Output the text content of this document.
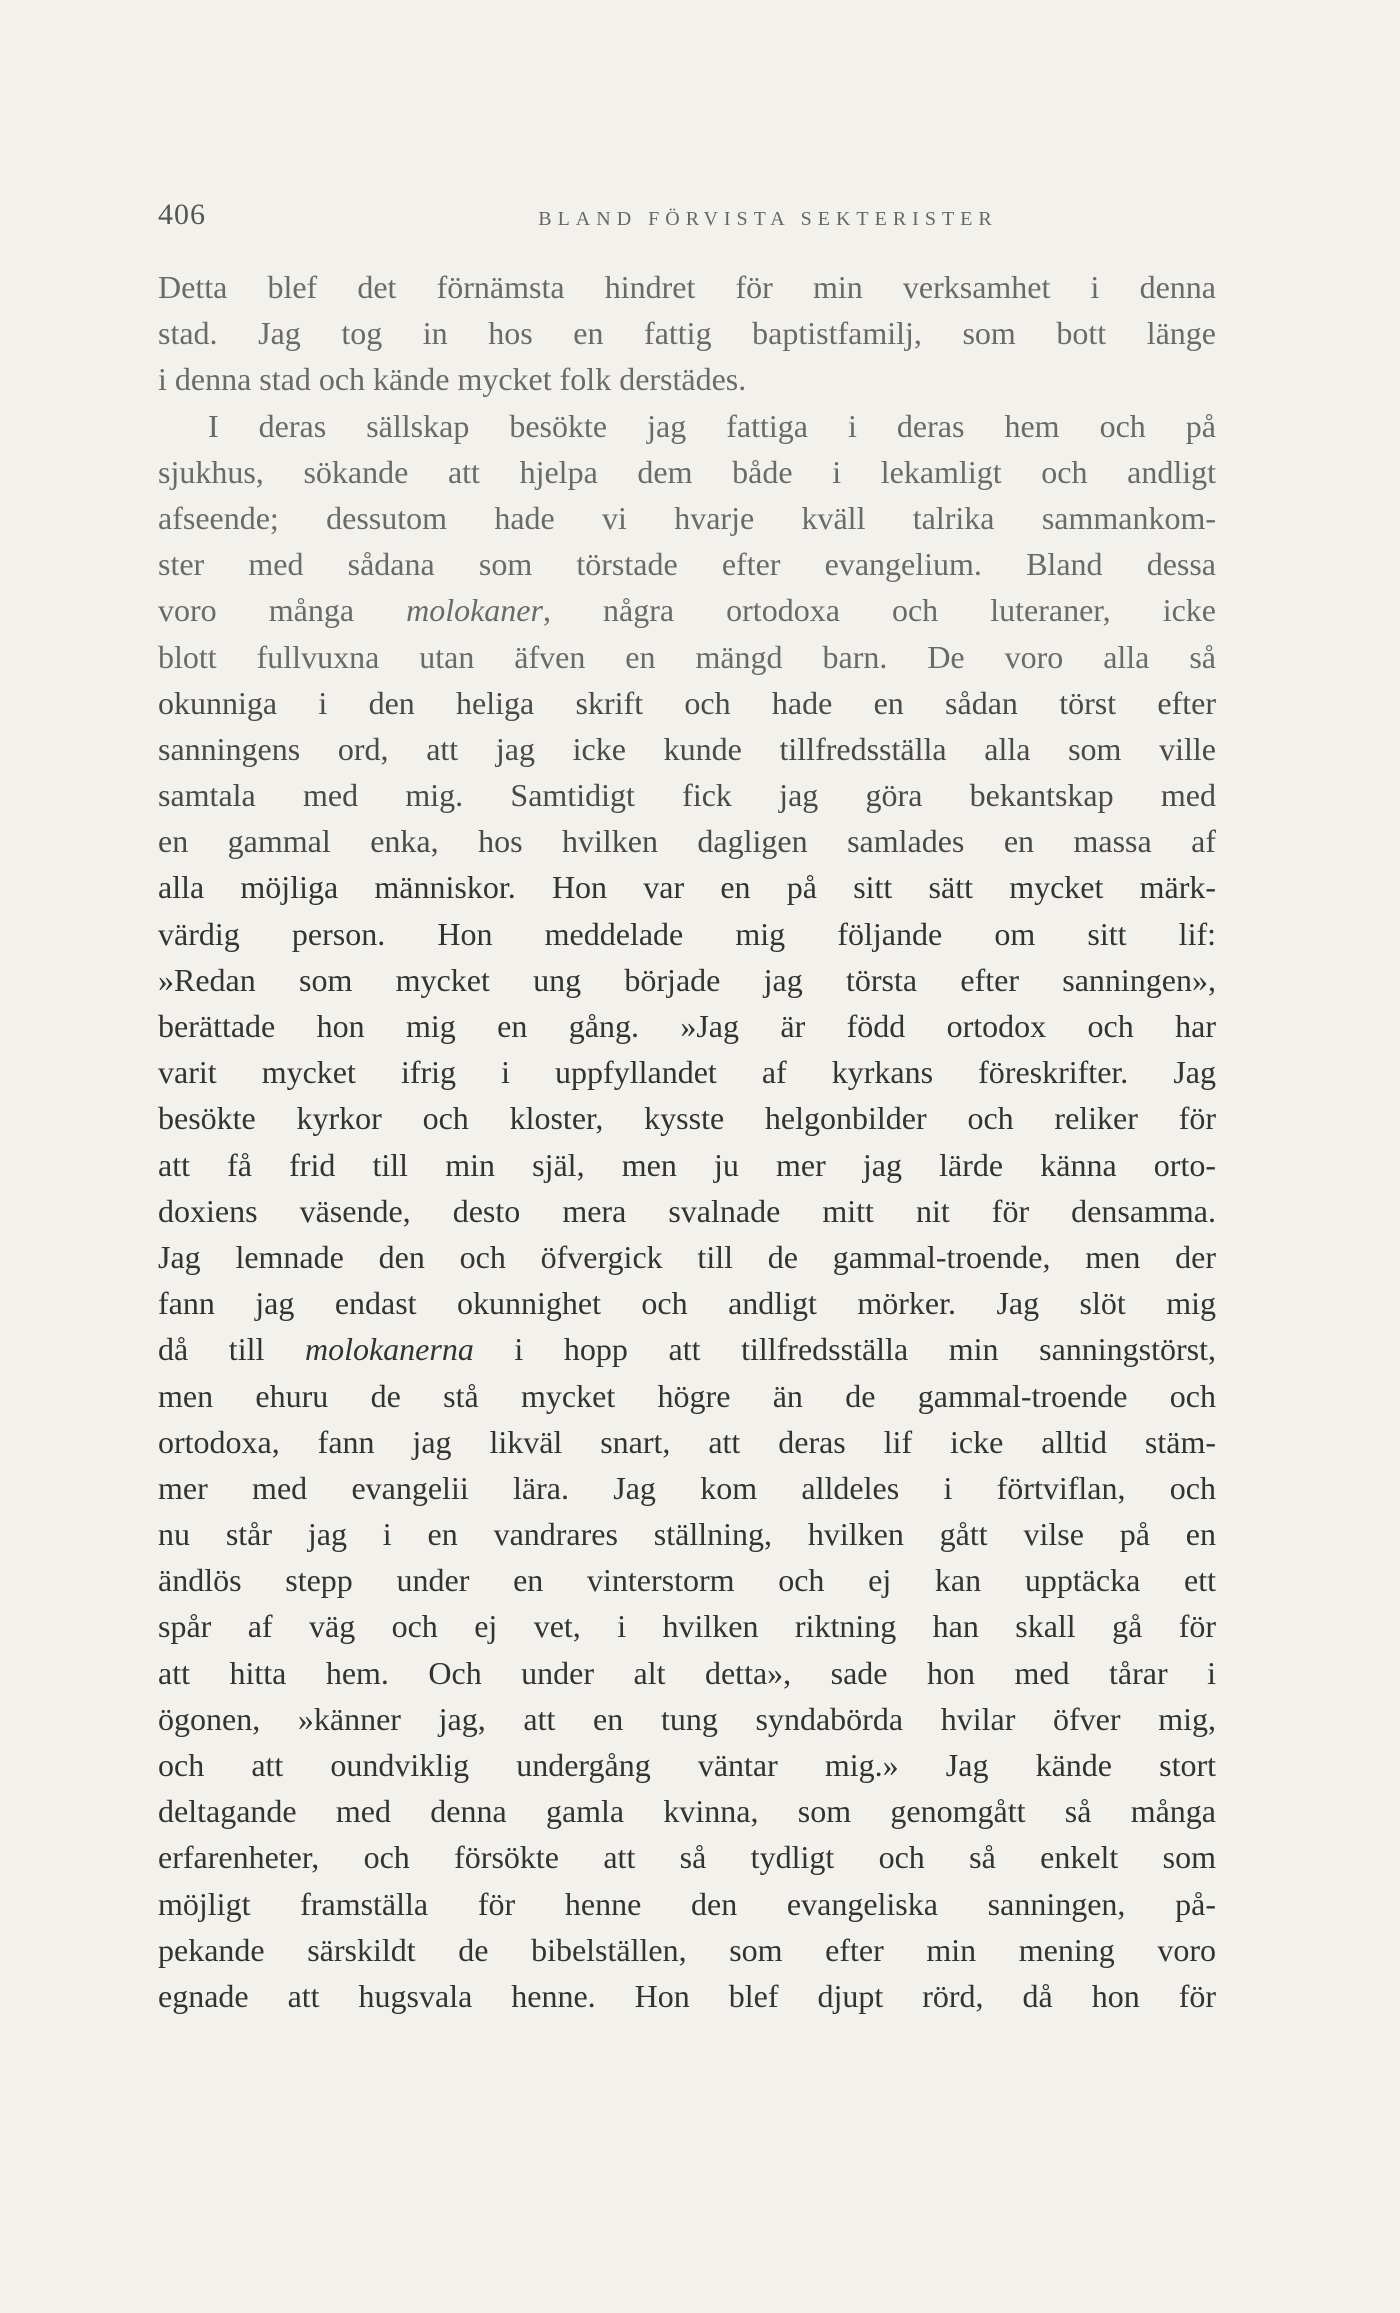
406	BLAND FÖRVISTA SEKTERISTER
Detta blef det förnämsta hindret för min verksamhet i denna
stad. Jag tog in hos en fattig baptistfamilj, som bott länge
i denna stad och kände mycket folk derstädes.
I deras sällskap besökte jag fattiga i deras hem och på
sjukhus, sökande att hjelpa dem både i lekamligt och andligt
afseende; dessutom hade vi hvarje kväll talrika sammankom-
ster med sådana som törstade efter evangelium. Bland dessa
voro många molokaner, några ortodoxa och luteraner, icke
blott fullvuxna utan äfven en mängd barn. De voro alla så
okunniga i den heliga skrift och hade en sådan törst efter
sanningens ord, att jag icke kunde tillfredsställa alla som ville
samtala med mig. Samtidigt fick jag göra bekantskap med
en gammal enka, hos hvilken dagligen samlades en massa af
alla möjliga människor. Hon var en på sitt sätt mycket märk-
värdig person. Hon meddelade mig följande om sitt lif:
»Redan som mycket ung började jag törsta efter sanningen»,
berättade hon mig en gång. »Jag är född ortodox och har
varit mycket ifrig i uppfyllandet af kyrkans föreskrifter. Jag
besökte kyrkor och kloster, kysste helgonbilder och reliker för
att få frid till min själ, men ju mer jag lärde känna orto-
doxiens väsende, desto mera svalnade mitt nit för densamma.
Jag lemnade den och öfvergick till de gammal-troende, men der
fann jag endast okunnighet och andligt mörker. Jag slöt mig
då till molokanerna i hopp att tillfredsställa min sanningstörst,
men ehuru de stå mycket högre än de gammal-troende och
ortodoxa, fann jag likväl snart, att deras lif icke alltid stäm-
mer med evangelii lära. Jag kom alldeles i förtviflan, och
nu står jag i en vandrares ställning, hvilken gått vilse på en
ändlös stepp under en vinterstorm och ej kan upptäcka ett
spår af väg och ej vet, i hvilken riktning han skall gå för
att hitta hem. Och under alt detta», sade hon med tårar i
ögonen, »känner jag, att en tung syndabörda hvilar öfver mig,
och att oundviklig undergång väntar mig.» Jag kände stort
deltagande med denna gamla kvinna, som genomgått så många
erfarenheter, och försökte att så tydligt och så enkelt som
möjligt framställa för henne den evangeliska sanningen, på-
pekande särskildt de bibelställen, som efter min mening voro
egnade att hugsvala henne. Hon blef djupt rörd, då hon för
